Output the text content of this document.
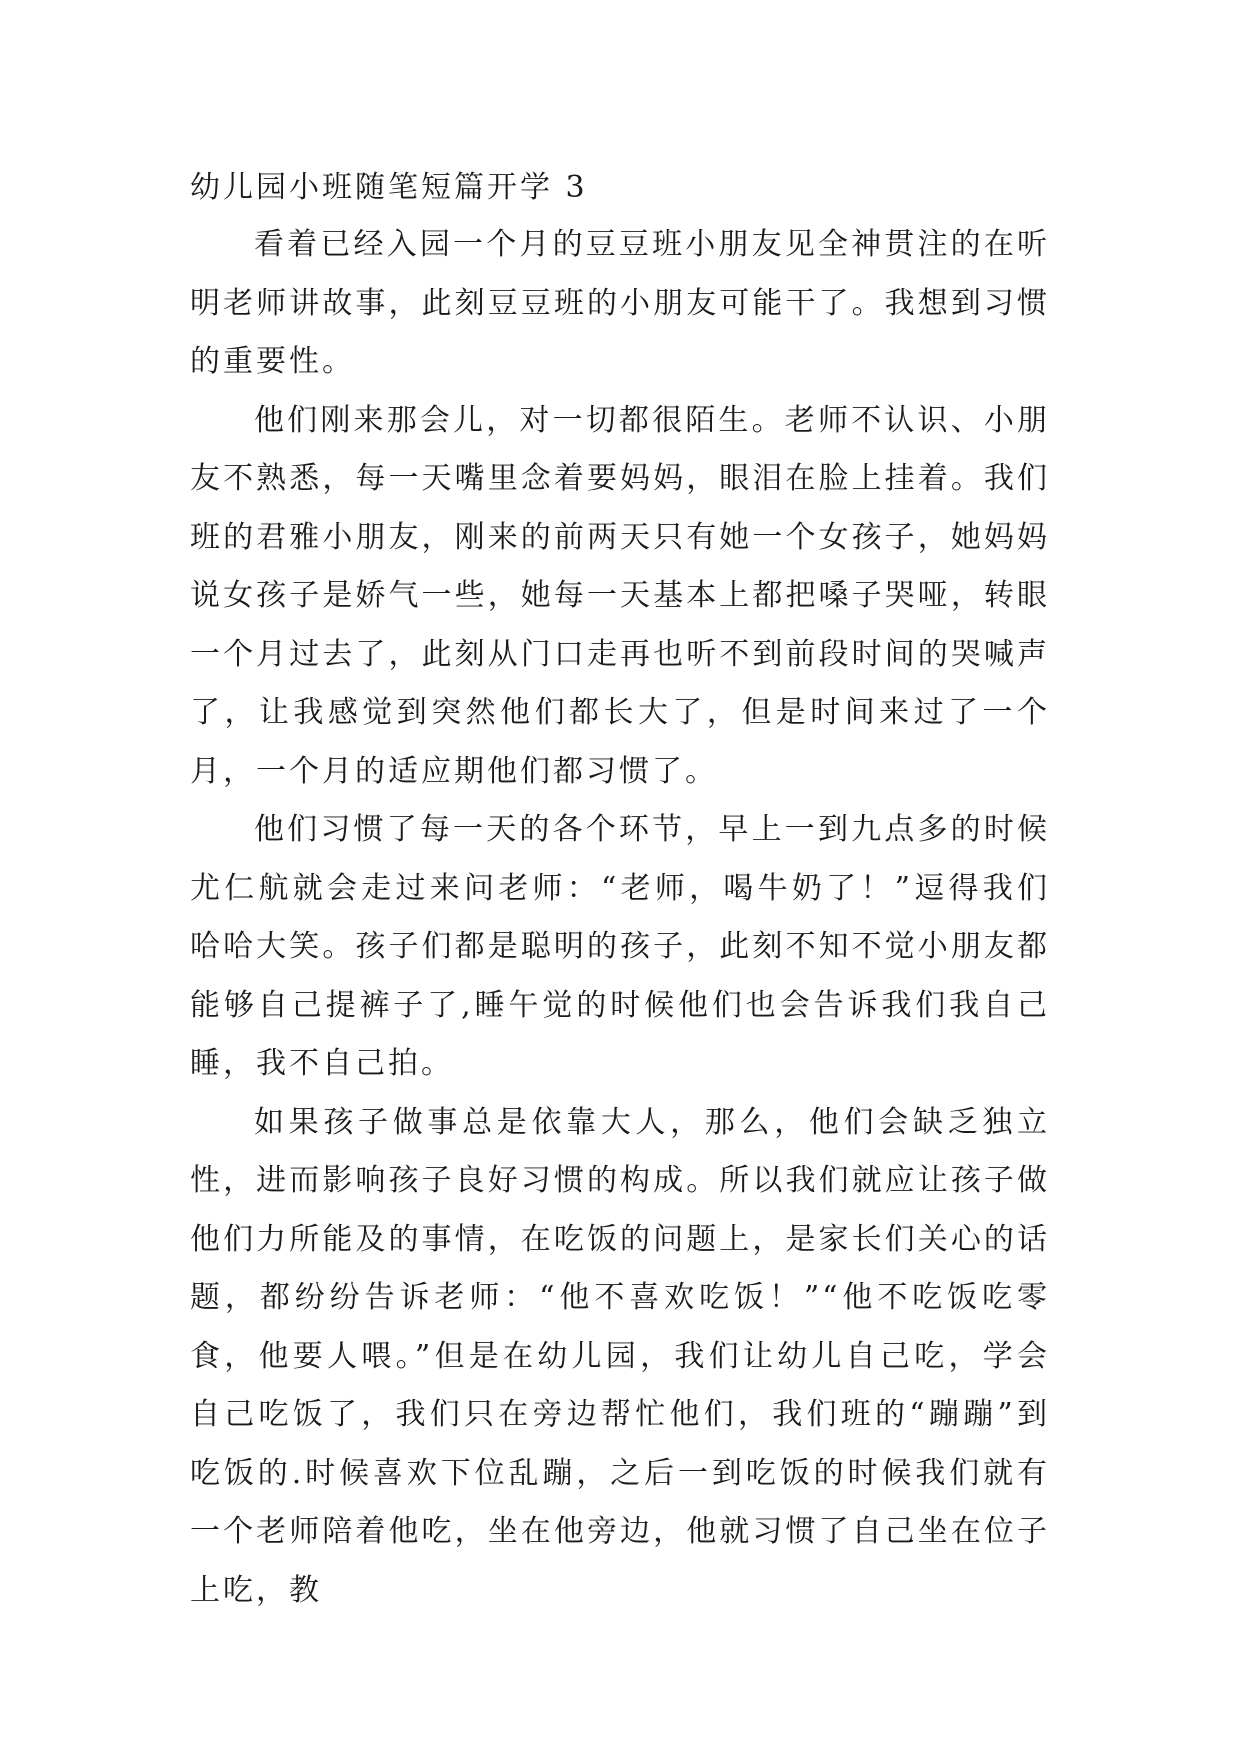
幼儿园小班随笔短篇开学 3

看着已经入园一个月的豆豆班小朋友见全神贯注的在听明老师讲故事，此刻豆豆班的小朋友可能干了。我想到习惯的重要性。

他们刚来那会儿，对一切都很陌生。老师不认识、小朋友不熟悉，每一天嘴里念着要妈妈，眼泪在脸上挂着。我们班的君雅小朋友，刚来的前两天只有她一个女孩子，她妈妈说女孩子是娇气一些，她每一天基本上都把嗓子哭哑，转眼一个月过去了，此刻从门口走再也听不到前段时间的哭喊声了，让我感觉到突然他们都长大了，但是时间来过了一个月，一个月的适应期他们都习惯了。

他们习惯了每一天的各个环节，早上一到九点多的时候尤仁航就会走过来问老师：“老师，喝牛奶了！”逗得我们哈哈大笑。孩子们都是聪明的孩子，此刻不知不觉小朋友都能够自己提裤子了,睡午觉的时候他们也会告诉我们我自己睡，我不自己拍。

如果孩子做事总是依靠大人，那么，他们会缺乏独立性，进而影响孩子良好习惯的构成。所以我们就应让孩子做他们力所能及的事情，在吃饭的问题上，是家长们关心的话题，都纷纷告诉老师：“他不喜欢吃饭！”“他不吃饭吃零食，他要人喂。”但是在幼儿园，我们让幼儿自己吃，学会自己吃饭了，我们只在旁边帮忙他们，我们班的“蹦蹦”到吃饭的.时候喜欢下位乱蹦，之后一到吃饭的时候我们就有一个老师陪着他吃，坐在他旁边，他就习惯了自己坐在位子上吃，教
